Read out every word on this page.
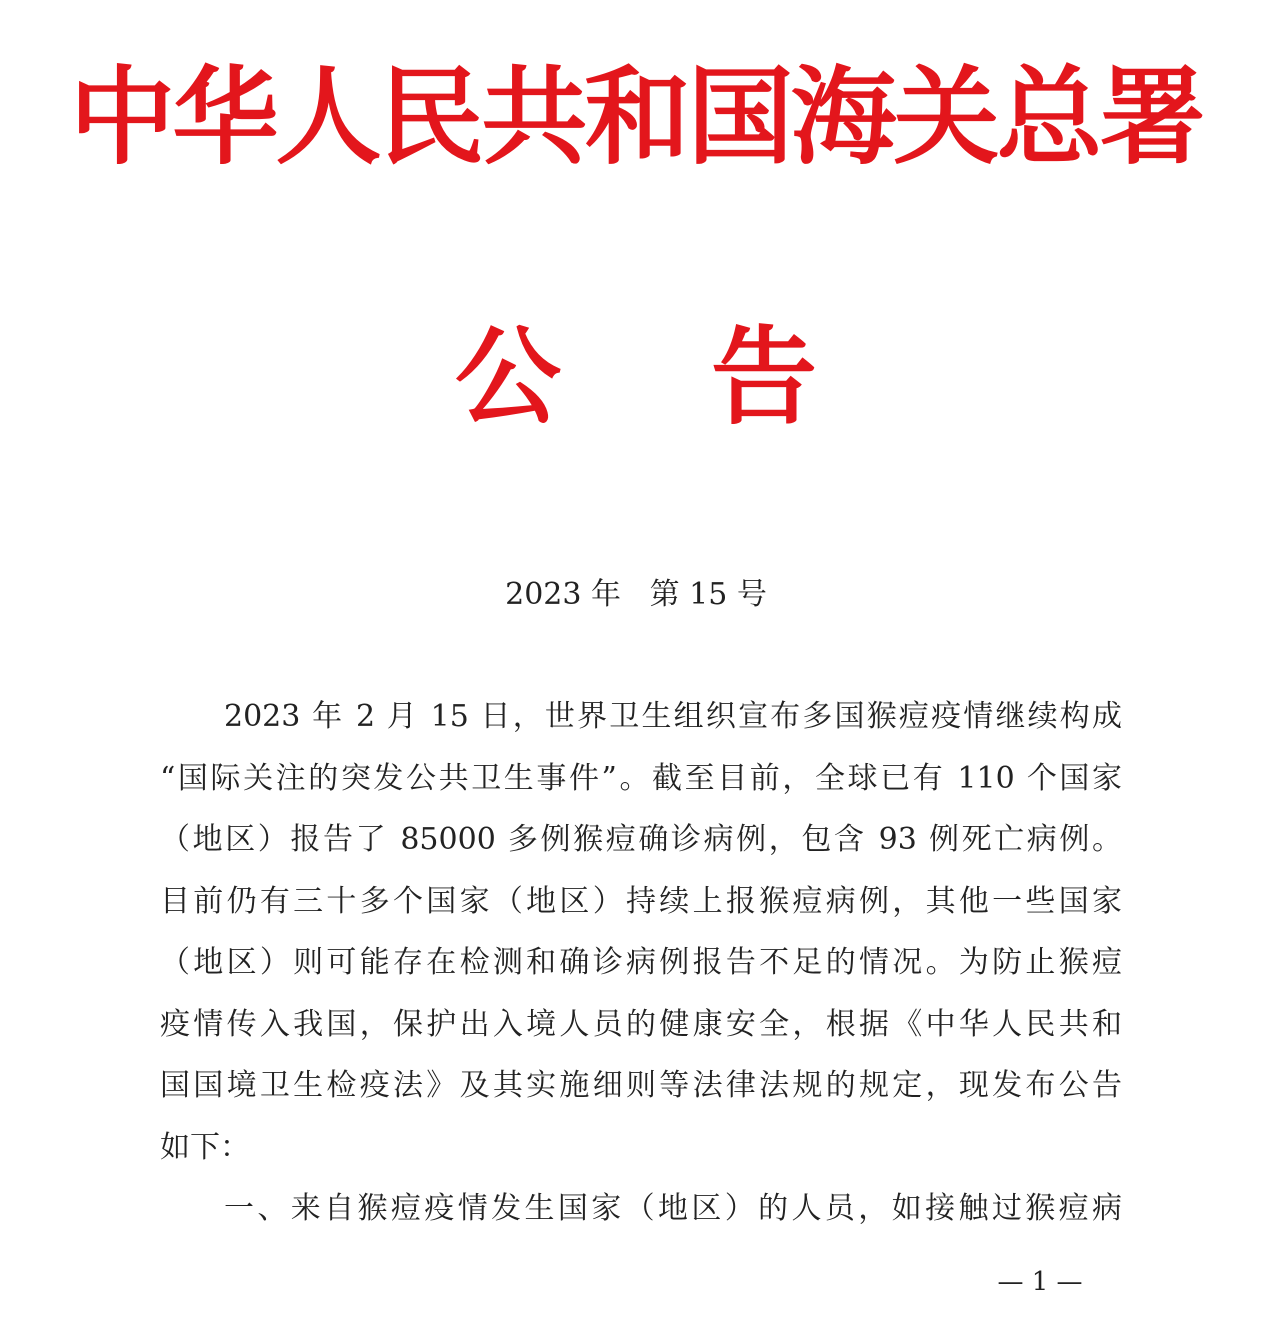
中华人民共和国海关总署
公告
2023 年   第 15 号
2023 年 2 月 15 日，世界卫生组织宣布多国猴痘疫情继续构成
“国际关注的突发公共卫生事件”。截至目前，全球已有 110 个国家
（地区）报告了 85000 多例猴痘确诊病例，包含 93 例死亡病例。
目前仍有三十多个国家（地区）持续上报猴痘病例，其他一些国家
（地区）则可能存在检测和确诊病例报告不足的情况。为防止猴痘
疫情传入我国，保护出入境人员的健康安全，根据《中华人民共和
国国境卫生检疫法》及其实施细则等法律法规的规定，现发布公告
如下：
一、来自猴痘疫情发生国家（地区）的人员，如接触过猴痘病
— 1 —
